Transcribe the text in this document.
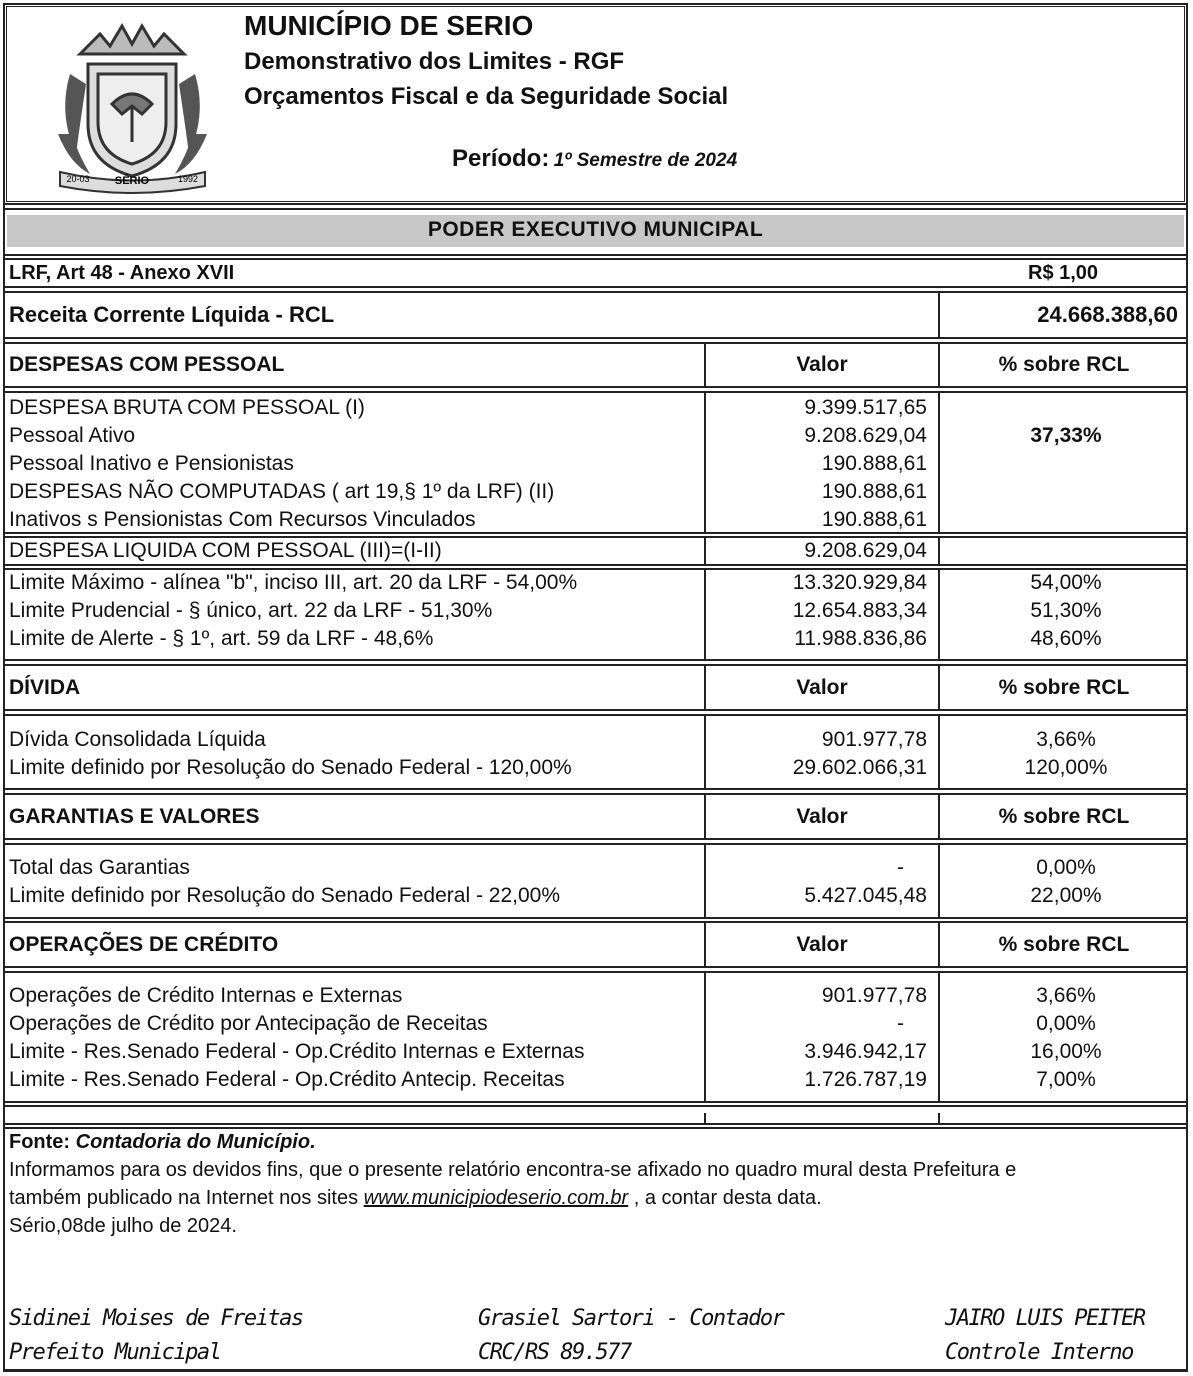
SÉRIO
20-03	1992
MUNICÍPIO DE SERIO
Demonstrativo dos Limites - RGF
Orçamentos Fiscal e da Seguridade Social
Período: 1º Semestre de 2024
PODER EXECUTIVO MUNICIPAL
LRF, Art 48 - Anexo XVII	R$ 1,00
Receita Corrente Líquida - RCL	24.668.388,60
DESPESAS COM PESSOAL	Valor	% sobre RCL
DESPESA BRUTA COM PESSOAL (I)	9.399.517,65
Pessoal Ativo	9.208.629,04	37,33%
Pessoal Inativo e Pensionistas	190.888,61
DESPESAS NÃO COMPUTADAS ( art 19,§ 1º da LRF) (II)	190.888,61
Inativos s Pensionistas Com Recursos Vinculados	190.888,61
DESPESA LIQUIDA COM PESSOAL (III)=(I-II)	9.208.629,04
Limite Máximo - alínea "b", inciso III, art. 20 da LRF - 54,00%	13.320.929,84	54,00%
Limite Prudencial - § único, art. 22 da LRF - 51,30%	12.654.883,34	51,30%
Limite de Alerte - § 1º, art. 59 da LRF - 48,6%	11.988.836,86	48,60%
DÍVIDA	Valor	% sobre RCL
Dívida Consolidada Líquida	901.977,78	3,66%
Limite definido por Resolução do Senado Federal - 120,00%	29.602.066,31	120,00%
GARANTIAS E VALORES	Valor	% sobre RCL
Total das Garantias	-	0,00%
Limite definido por Resolução do Senado Federal - 22,00%	5.427.045,48	22,00%
OPERAÇÕES DE CRÉDITO	Valor	% sobre RCL
Operações de Crédito Internas e Externas	901.977,78	3,66%
Operações de Crédito por Antecipação de Receitas	-	0,00%
Limite - Res.Senado Federal - Op.Crédito Internas e Externas	3.946.942,17	16,00%
Limite - Res.Senado Federal - Op.Crédito Antecip. Receitas	1.726.787,19	7,00%
Fonte: Contadoria do Município.
Informamos para os devidos fins, que o presente relatório encontra-se afixado no quadro mural desta Prefeitura e
também publicado na Internet nos sites www.municipiodeserio.com.br , a contar desta data.
Sério,08de julho de 2024.
Sidinei Moises de Freitas
Prefeito Municipal
Grasiel Sartori - Contador
CRC/RS 89.577
JAIRO LUIS PEITER
Controle Interno
